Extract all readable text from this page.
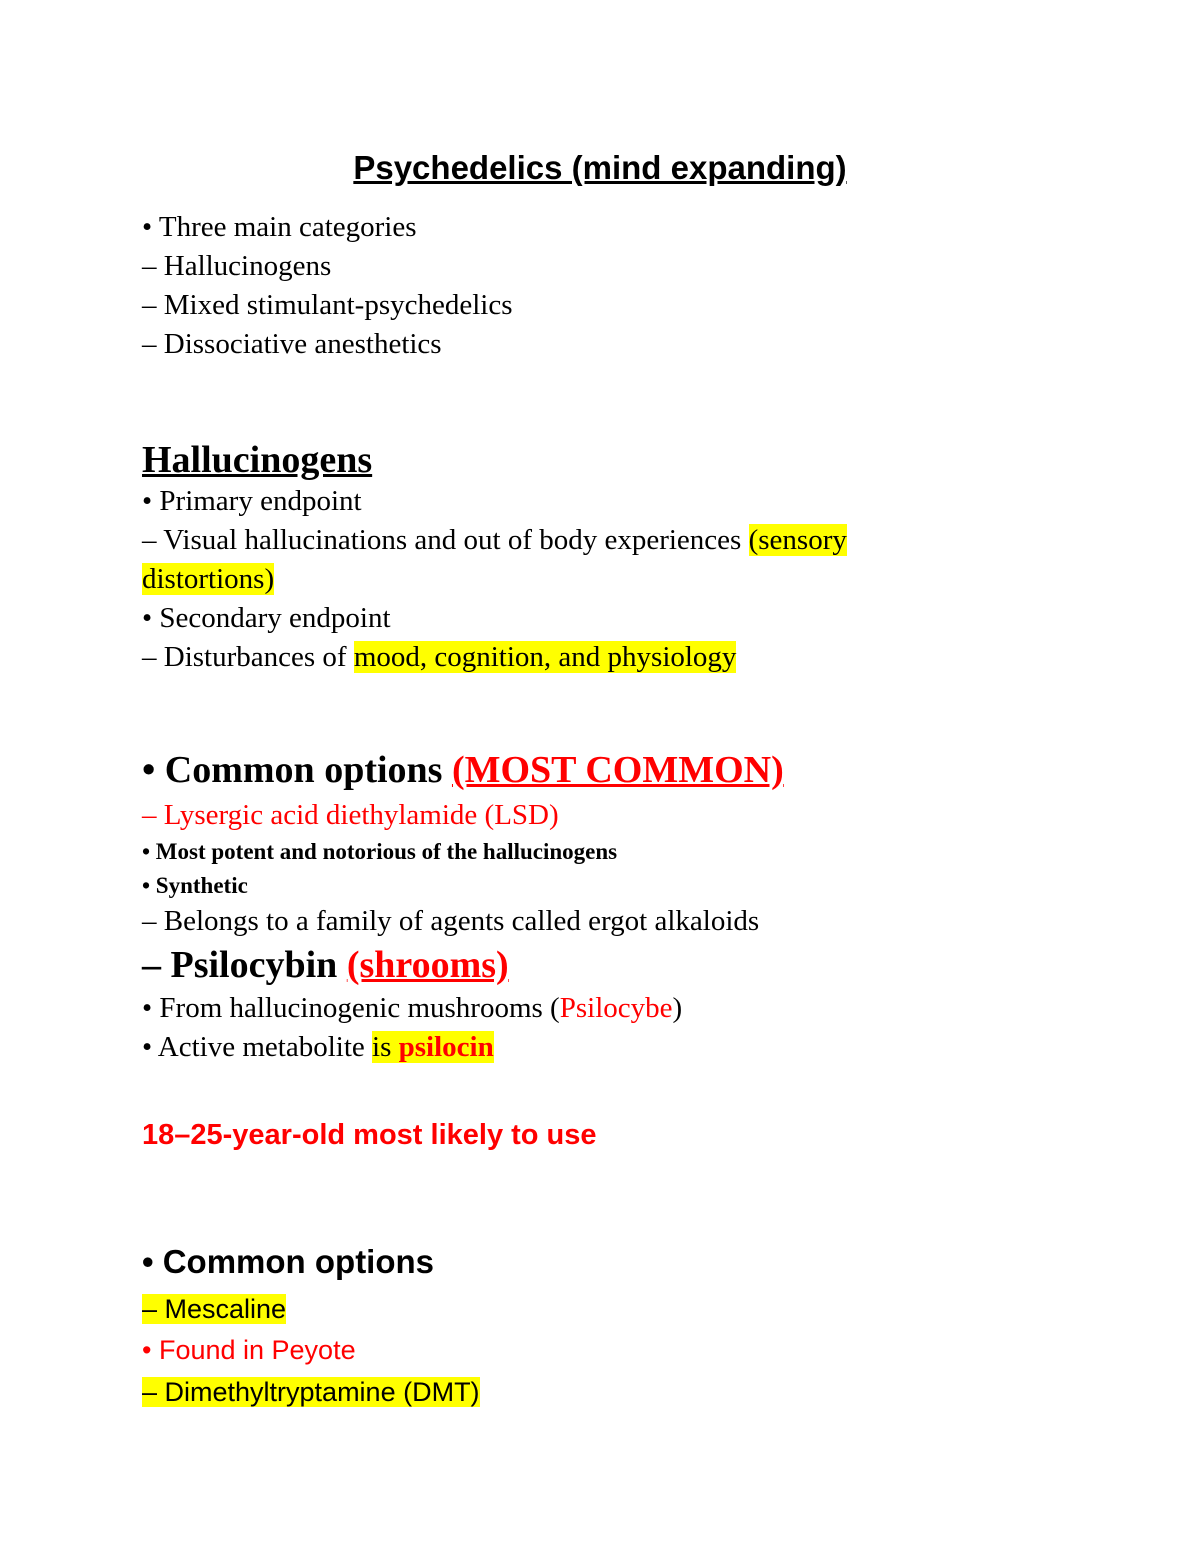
Psychedelics (mind expanding)
• Three main categories
– Hallucinogens
– Mixed stimulant-psychedelics
– Dissociative anesthetics
Hallucinogens
• Primary endpoint
– Visual hallucinations and out of body experiences (sensory
distortions)
• Secondary endpoint
– Disturbances of mood, cognition, and physiology
• Common options (MOST COMMON)
– Lysergic acid diethylamide (LSD)
• Most potent and notorious of the hallucinogens
• Synthetic
– Belongs to a family of agents called ergot alkaloids
– Psilocybin (shrooms)
• From hallucinogenic mushrooms (Psilocybe)
• Active metabolite is psilocin
18–25-year-old most likely to use
• Common options
– Mescaline
• Found in Peyote
– Dimethyltryptamine (DMT)
